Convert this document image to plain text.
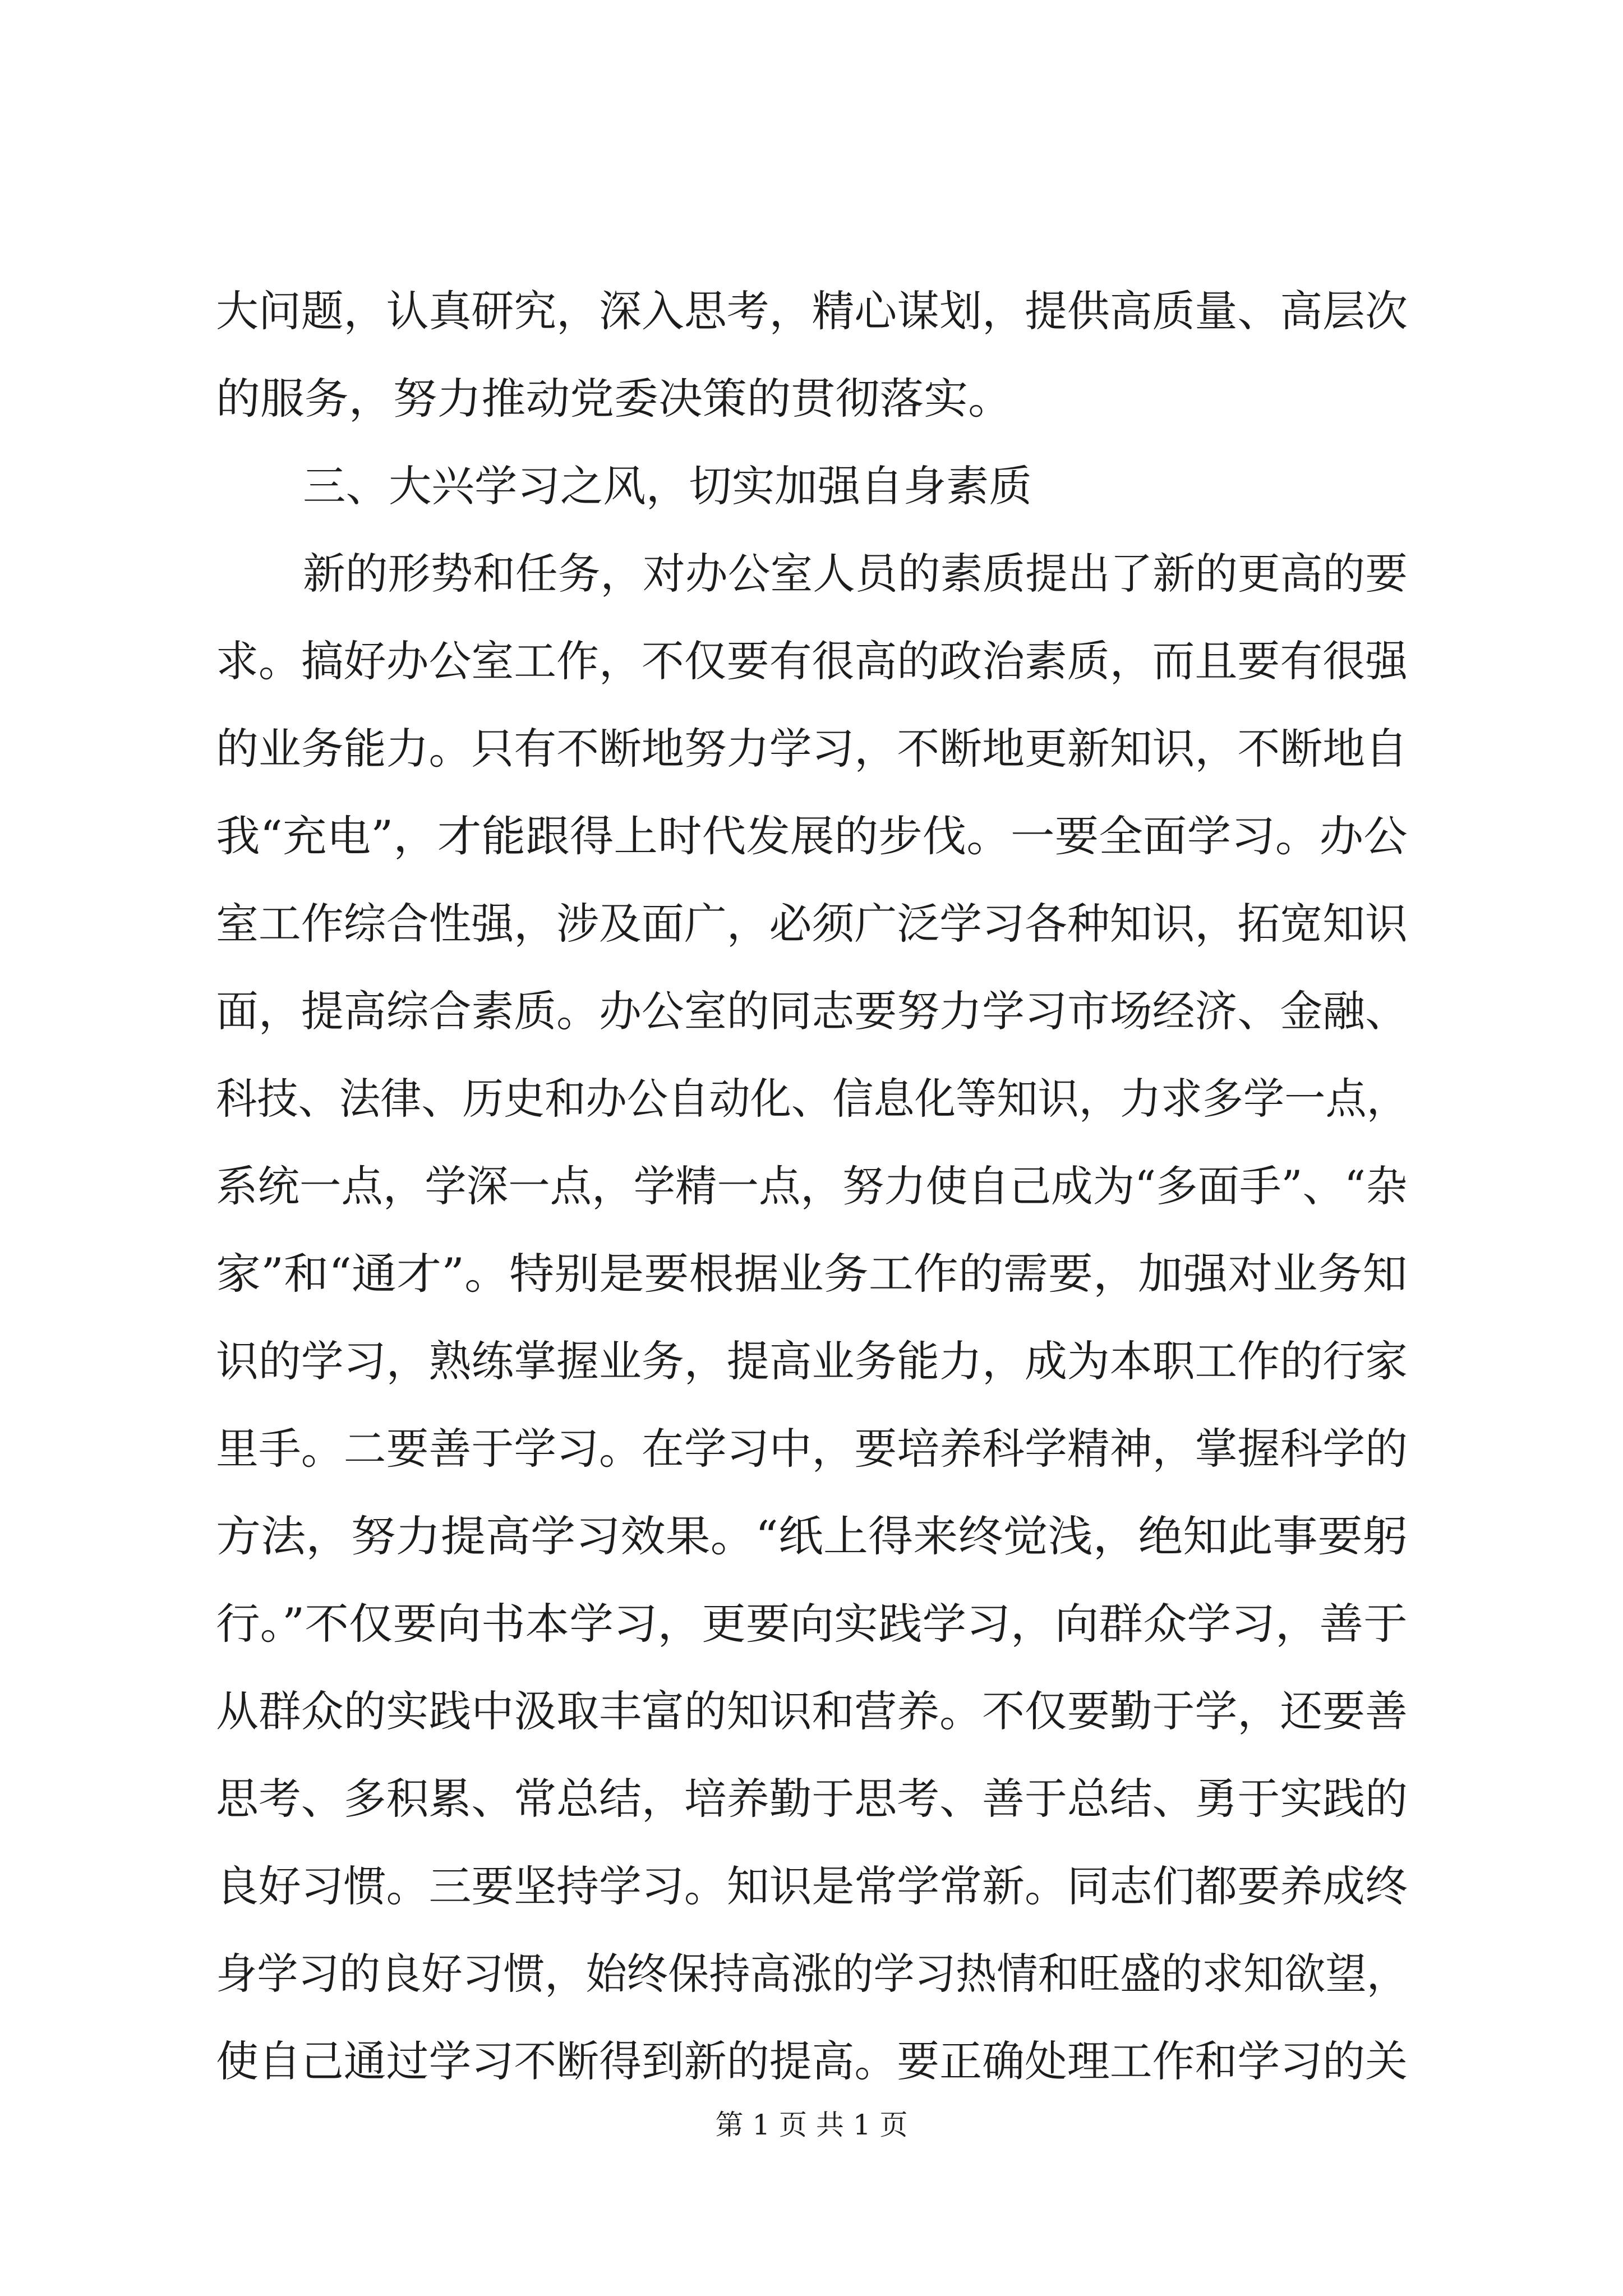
大问题，认真研究，深入思考，精心谋划，提供高质量、高层次
的服务，努力推动党委决策的贯彻落实。
三、大兴学习之风，切实加强自身素质
新的形势和任务，对办公室人员的素质提出了新的更高的要
求。搞好办公室工作，不仅要有很高的政治素质，而且要有很强
的业务能力。只有不断地努力学习，不断地更新知识，不断地自
我“充电”，才能跟得上时代发展的步伐。一要全面学习。办公
室工作综合性强，涉及面广，必须广泛学习各种知识，拓宽知识
面，提高综合素质。办公室的同志要努力学习市场经济、金融、
科技、法律、历史和办公自动化、信息化等知识，力求多学一点，
系统一点，学深一点，学精一点，努力使自己成为“多面手”、“杂
家”和“通才”。特别是要根据业务工作的需要，加强对业务知
识的学习，熟练掌握业务，提高业务能力，成为本职工作的行家
里手。二要善于学习。在学习中，要培养科学精神，掌握科学的
方法，努力提高学习效果。“纸上得来终觉浅，绝知此事要躬
行。”不仅要向书本学习，更要向实践学习，向群众学习，善于
从群众的实践中汲取丰富的知识和营养。不仅要勤于学，还要善
思考、多积累、常总结，培养勤于思考、善于总结、勇于实践的
良好习惯。三要坚持学习。知识是常学常新。同志们都要养成终
身学习的良好习惯，始终保持高涨的学习热情和旺盛的求知欲望，
使自己通过学习不断得到新的提高。要正确处理工作和学习的关
第 1 页 共 1 页
